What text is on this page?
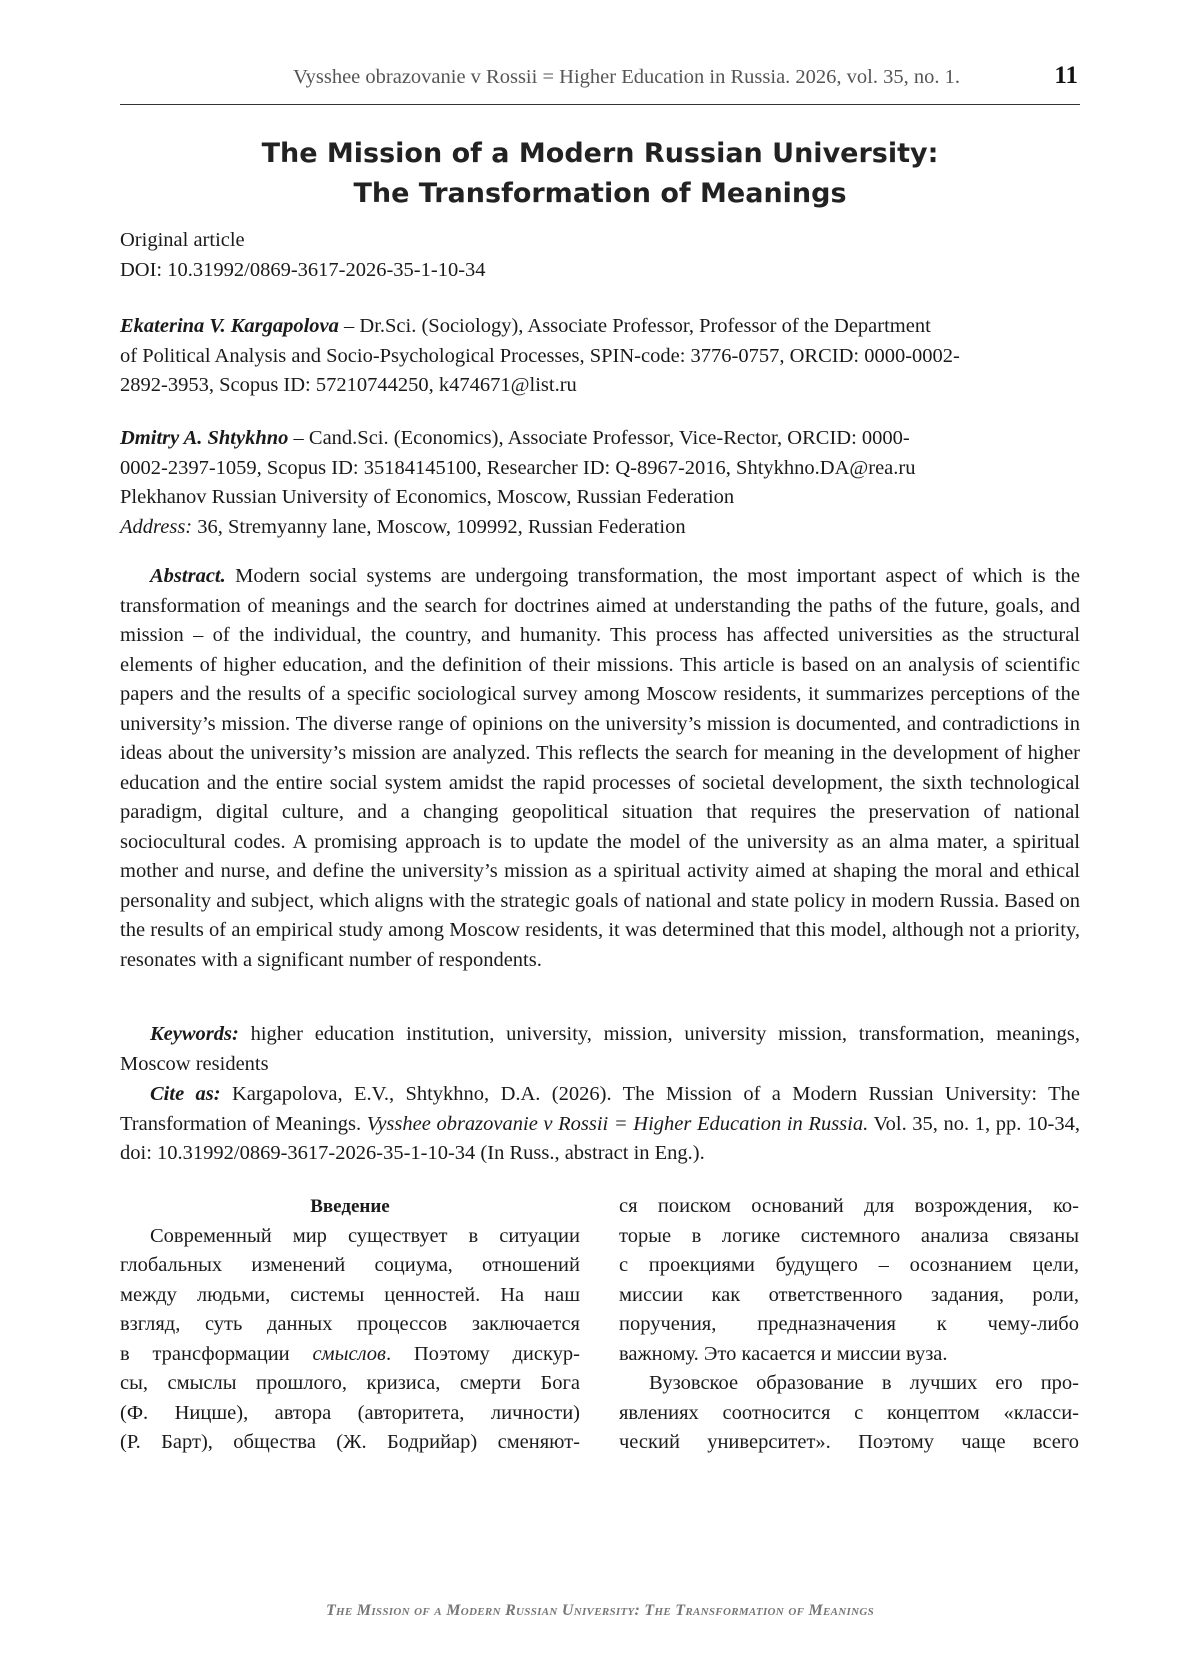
Vysshee obrazovanie v Rossii = Higher Education in Russia. 2026, vol. 35, no. 1.	11
The Mission of a Modern Russian University:
The Transformation of Meanings
Original article
DOI: 10.31992/0869-3617-2026-35-1-10-34
Ekaterina V. Kargapolova – Dr.Sci. (Sociology), Associate Professor, Professor of the Department
of Political Analysis and Socio-Psychological Processes, SPIN-code: 3776-0757, ORCID: 0000-0002-
2892-3953, Scopus ID: 57210744250, k474671@list.ru
Dmitry A. Shtykhno – Cand.Sci. (Economics), Associate Professor, Vice-Rector, ORCID: 0000-
0002-2397-1059, Scopus ID: 35184145100, Researcher ID: Q-8967-2016, Shtykhno.DA@rea.ru
Plekhanov Russian University of Economics, Moscow, Russian Federation
Address: 36, Stremyanny lane, Moscow, 109992, Russian Federation
Abstract. Modern social systems are undergoing transformation, the most important aspect of which is the transformation of meanings and the search for doctrines aimed at understanding the paths of the future, goals, and mission – of the individual, the country, and humanity. This process has affected universities as the structural elements of higher education, and the definition of their missions. This article is based on an analysis of scientific papers and the results of a specific sociological survey among Moscow residents, it summarizes perceptions of the university’s mission. The diverse range of opinions on the university’s mission is documented, and contradictions in ideas about the university’s mission are analyzed. This reflects the search for meaning in the development of higher education and the entire social system amidst the rapid processes of societal development, the sixth technological paradigm, digital culture, and a changing geopolitical situation that requires the preservation of national sociocultural codes. A promising approach is to update the model of the university as an alma mater, a spiritual mother and nurse, and define the university’s mission as a spiritual activity aimed at shaping the moral and ethical personality and subject, which aligns with the strategic goals of national and state policy in modern Russia. Based on the results of an empirical study among Moscow residents, it was determined that this model, although not a priority, resonates with a significant number of respondents.
Keywords: higher education institution, university, mission, university mission, transformation, meanings, Moscow residents
Cite as: Kargapolova, E.V., Shtykhno, D.A. (2026). The Mission of a Modern Russian University: The Transformation of Meanings. Vysshee obrazovanie v Rossii = Higher Education in Russia. Vol. 35, no. 1, pp. 10-34, doi: 10.31992/0869-3617-2026-35-1-10-34 (In Russ., abstract in Eng.).
Введение
Современный мир существует в ситуации
глобальных изменений социума, отношений
между людьми, системы ценностей. На наш
взгляд, суть данных процессов заключается
в трансформации смыслов. Поэтому дискур-
сы, смыслы прошлого, кризиса, смерти Бога
(Ф. Ницше), автора (авторитета, личности)
(Р. Барт), общества (Ж. Бодрийар) сменяют-
ся поиском оснований для возрождения, ко-
торые в логике системного анализа связаны
с проекциями будущего – осознанием цели,
миссии как ответственного задания, роли,
поручения, предназначения к чему-либо
важному. Это касается и миссии вуза.
Вузовское образование в лучших его про-
явлениях соотносится с концептом «класси-
ческий университет». Поэтому чаще всего
The Mission of a Modern Russian University: The Transformation of Meanings
